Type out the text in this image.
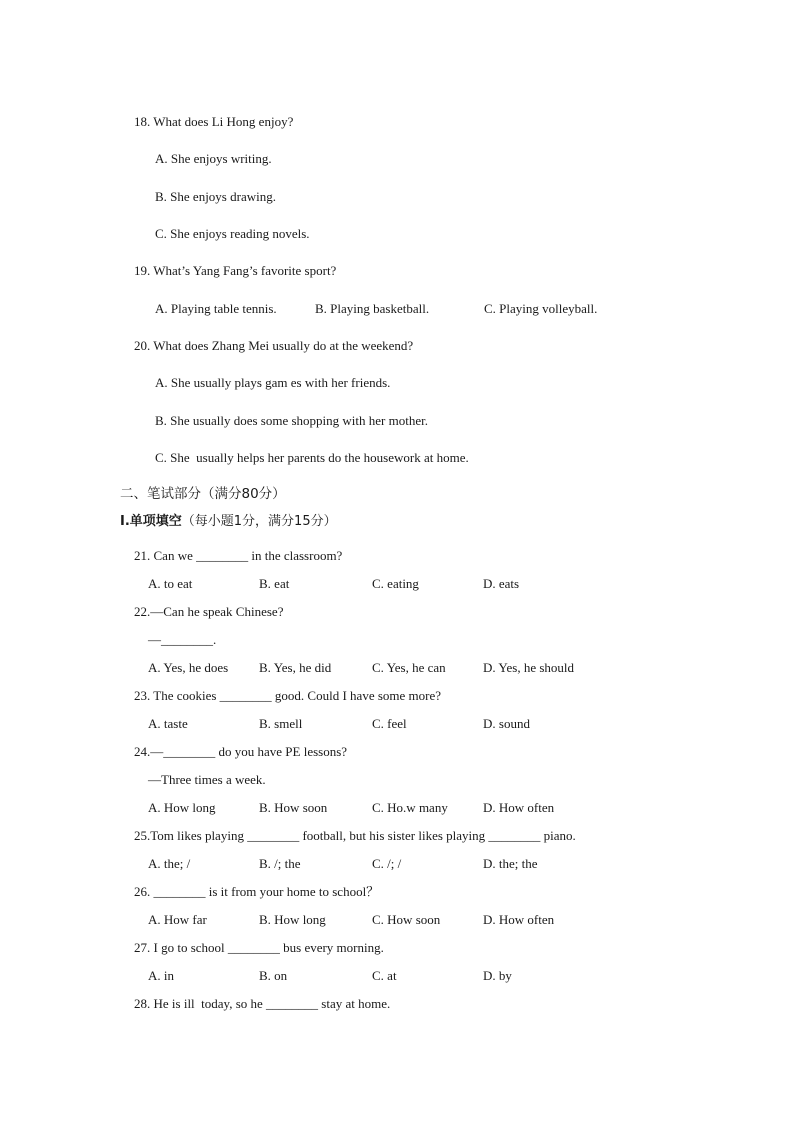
18. What does Li Hong enjoy?
A. She enjoys writing.
B. She enjoys drawing.
C. She enjoys reading novels.
19. What’s Yang Fang’s favorite sport?
A. Playing table tennis.	B. Playing basketball.	C. Playing volleyball.
20. What does Zhang Mei usually do at the weekend?
A. She usually plays gam es with her friends.
B. She usually does some shopping with her mother.
C. She  usually helps her parents do the housework at home.
二、笔试部分（满分80分）
Ⅰ.单项填空（每小题1分，满分15分）
21. Can we ________ in the classroom?
A. to eat	B. eat	C. eating	D. eats
22.—Can he speak Chinese?
—________.
A. Yes, he does B. Yes, he did	C. Yes, he can	D. Yes, he should
23. The cookies ________ good. Could I have some more?
A. taste	B. smell	C. feel	D. sound
24.—________ do you have PE lessons?
—Three times a week.
A. How long	B. How soon	C. Ho.w many	D. How often
25.Tom likes playing ________ football, but his sister likes playing ________ piano.
A. the; /	B. /; the	C. /; /	D. the; the
26. ________ is it from your home to school？
A. How far	B. How long	C. How soon	D. How often
27. I go to school ________ bus every morning.
A. in	B. on	C. at	D. by
28. He is ill  today, so he ________ stay at home.
